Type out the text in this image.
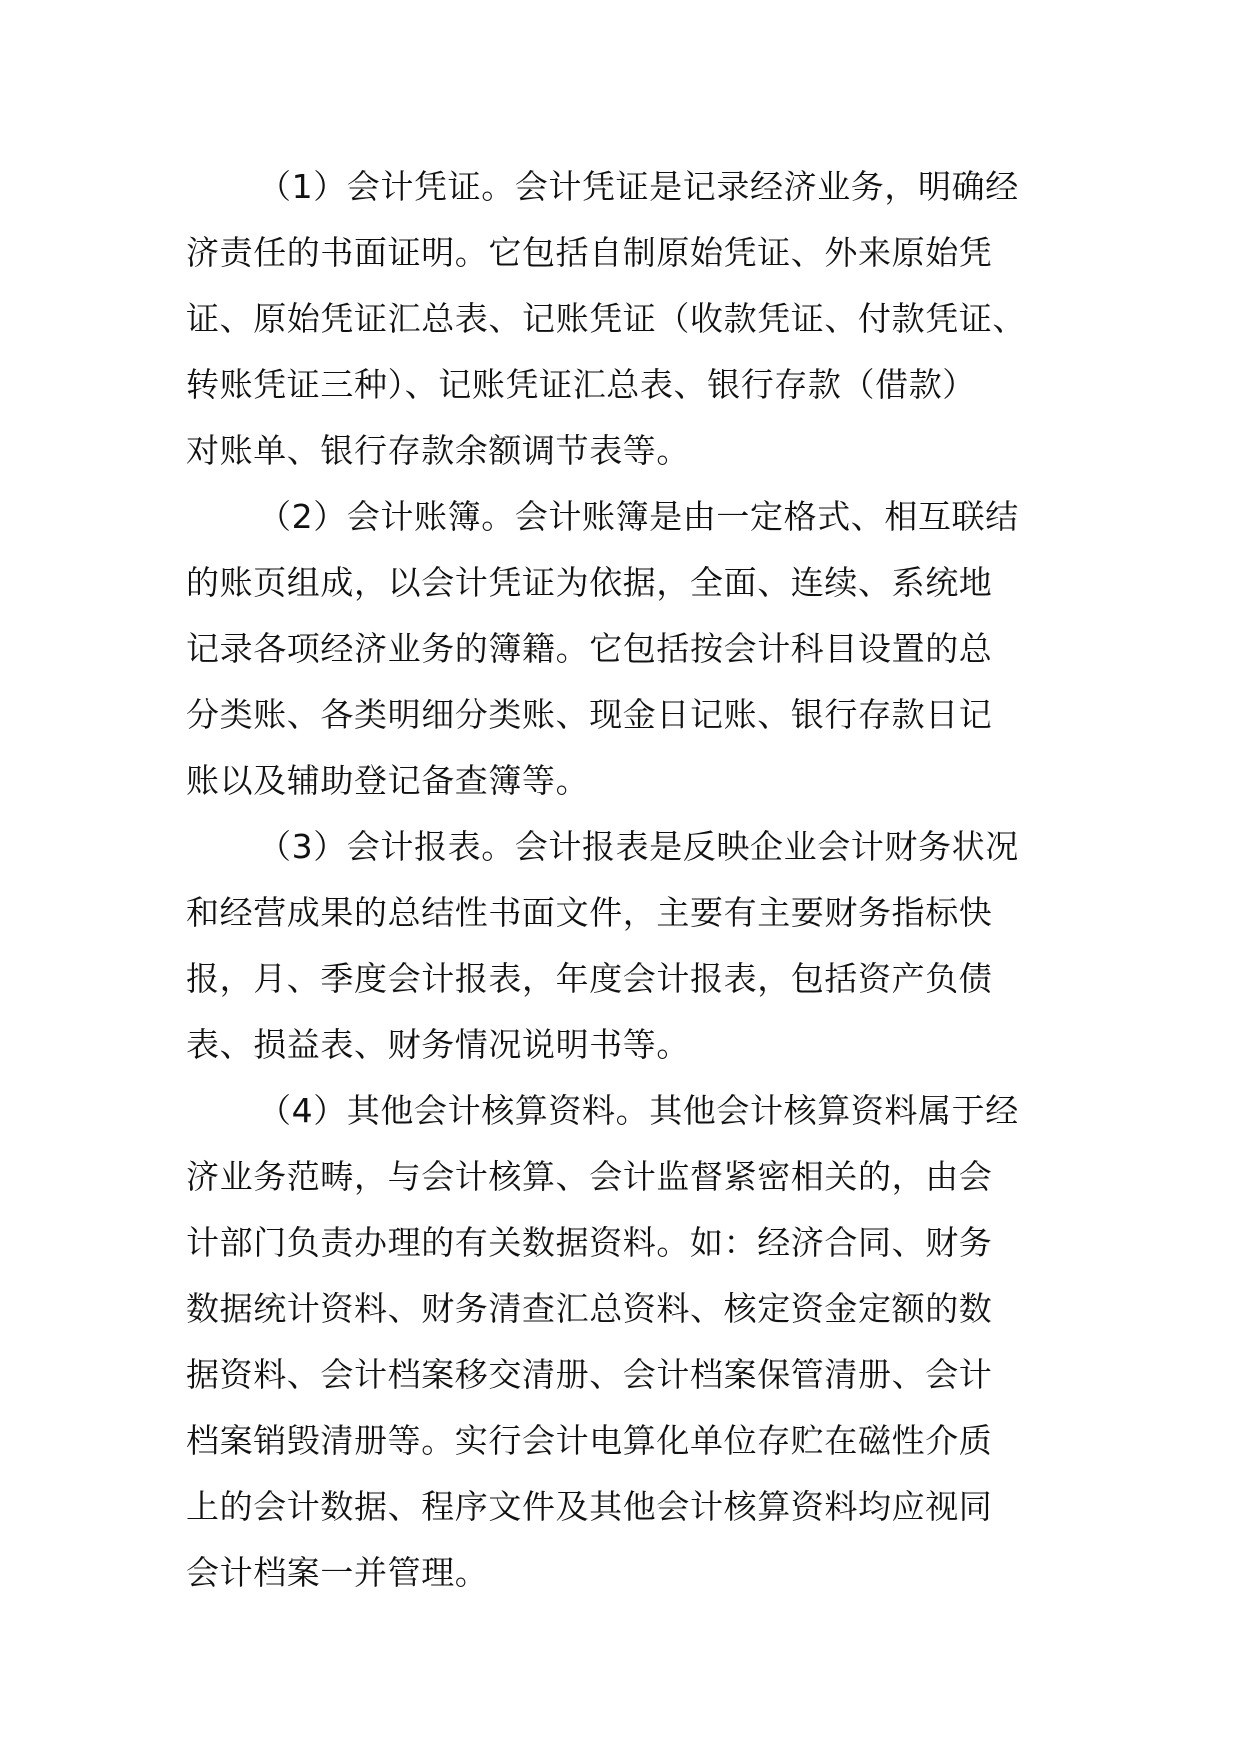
（1）会计凭证。会计凭证是记录经济业务，明确经
济责任的书面证明。它包括自制原始凭证、外来原始凭
证、原始凭证汇总表、记账凭证（收款凭证、付款凭证、
转账凭证三种）、记账凭证汇总表、银行存款（借款）
对账单、银行存款余额调节表等。
（2）会计账簿。会计账簿是由一定格式、相互联结
的账页组成，以会计凭证为依据，全面、连续、系统地
记录各项经济业务的簿籍。它包括按会计科目设置的总
分类账、各类明细分类账、现金日记账、银行存款日记
账以及辅助登记备查簿等。
（3）会计报表。会计报表是反映企业会计财务状况
和经营成果的总结性书面文件，主要有主要财务指标快
报，月、季度会计报表，年度会计报表，包括资产负债
表、损益表、财务情况说明书等。
（4）其他会计核算资料。其他会计核算资料属于经
济业务范畴，与会计核算、会计监督紧密相关的，由会
计部门负责办理的有关数据资料。如：经济合同、财务
数据统计资料、财务清查汇总资料、核定资金定额的数
据资料、会计档案移交清册、会计档案保管清册、会计
档案销毁清册等。实行会计电算化单位存贮在磁性介质
上的会计数据、程序文件及其他会计核算资料均应视同
会计档案一并管理。
